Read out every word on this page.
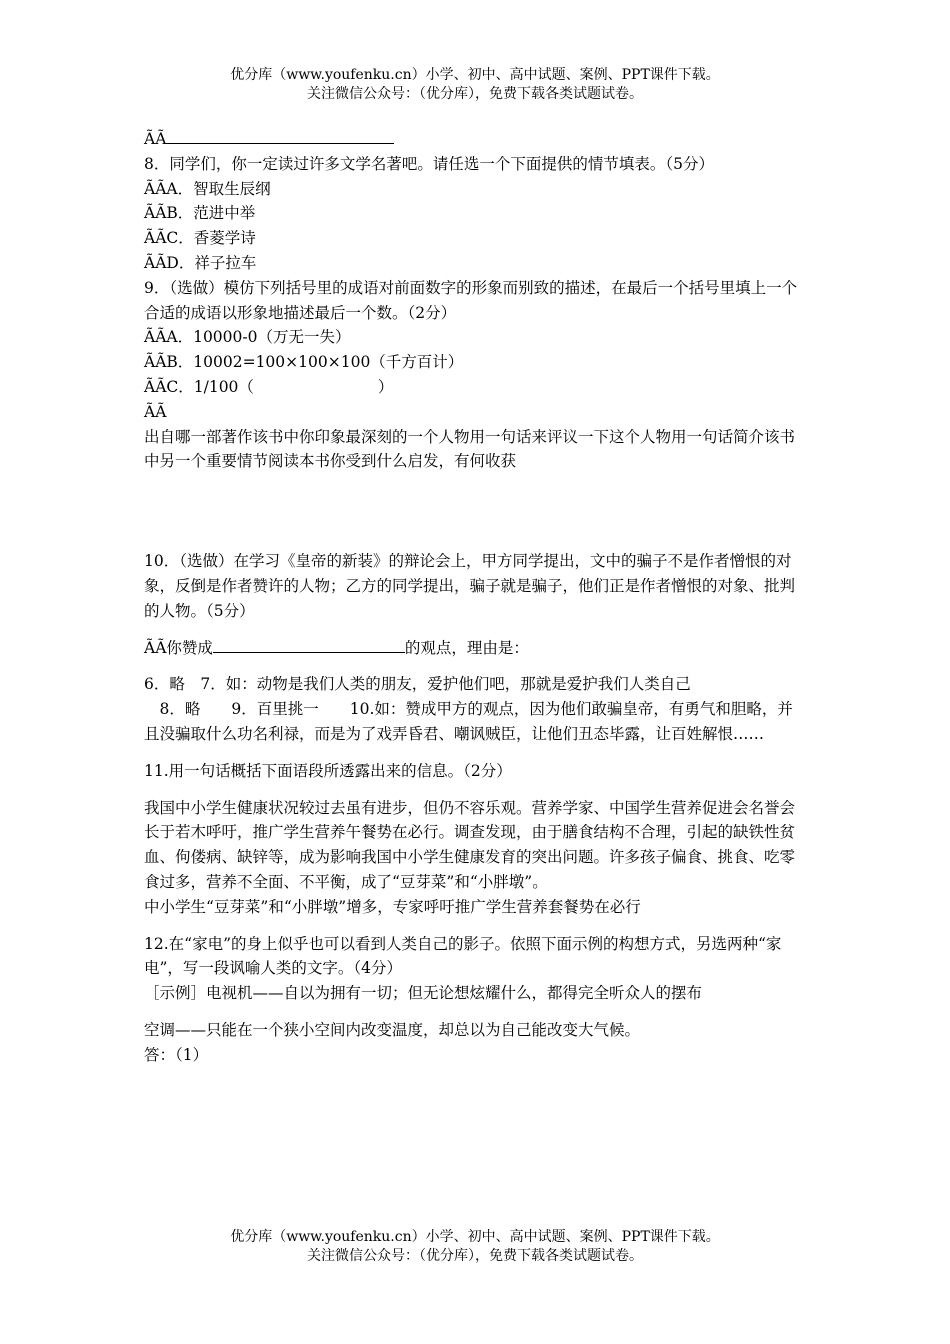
优分库（www.youfenku.cn）小学、初中、高中试题、案例、PPT课件下载。
关注微信公众号：（优分库），免费下载各类试题试卷。

ÃÃ

8．同学们，你一定读过许多文学名著吧。请任选一个下面提供的情节填表。（5分）

ÃÃA．智取生辰纲

ÃÃB．范进中举

ÃÃC．香菱学诗

ÃÃD．祥子拉车

9．（选做）模仿下列括号里的成语对前面数字的形象而别致的描述，在最后一个括号里填上一个合适的成语以形象地描述最后一个数。（2分）

ÃÃA．10000-0（万无一失）

ÃÃB．10002=100×100×100（千方百计）

ÃÃC．1/100（　　　　　　　　）

ÃÃ

出自哪一部著作该书中你印象最深刻的一个人物用一句话来评议一下这个人物用一句话简介该书中另一个重要情节阅读本书你受到什么启发，有何收获

10．（选做）在学习《皇帝的新装》的辩论会上，甲方同学提出，文中的骗子不是作者憎恨的对象，反倒是作者赞许的人物；乙方的同学提出，骗子就是骗子，他们正是作者憎恨的对象、批判的人物。（5分）

ÃÃ你赞成	的观点，理由是：

6．略　7．如：动物是我们人类的朋友，爱护他们吧，那就是爱护我们人类自己

　8．略　　9．百里挑一　　10.如：赞成甲方的观点，因为他们敢骗皇帝，有勇气和胆略，并且没骗取什么功名利禄，而是为了戏弄昏君、嘲讽贼臣，让他们丑态毕露，让百姓解恨……

11.用一句话概括下面语段所透露出来的信息。（2分）

我国中小学生健康状况较过去虽有进步，但仍不容乐观。营养学家、中国学生营养促进会名誉会长于若木呼吁，推广学生营养午餐势在必行。调查发现，由于膳食结构不合理，引起的缺铁性贫血、佝偻病、缺锌等，成为影响我国中小学生健康发育的突出问题。许多孩子偏食、挑食、吃零食过多，营养不全面、不平衡，成了“豆芽菜”和“小胖墩”。

中小学生“豆芽菜”和“小胖墩”增多，专家呼吁推广学生营养套餐势在必行

12.在“家电”的身上似乎也可以看到人类自己的影子。依照下面示例的构想方式，另选两种“家电”，写一段讽喻人类的文字。（4分）

［示例］电视机——自以为拥有一切；但无论想炫耀什么，都得完全听众人的摆布

空调——只能在一个狭小空间内改变温度，却总以为自己能改变大气候。

答：（1）

优分库（www.youfenku.cn）小学、初中、高中试题、案例、PPT课件下载。
关注微信公众号：（优分库），免费下载各类试题试卷。
